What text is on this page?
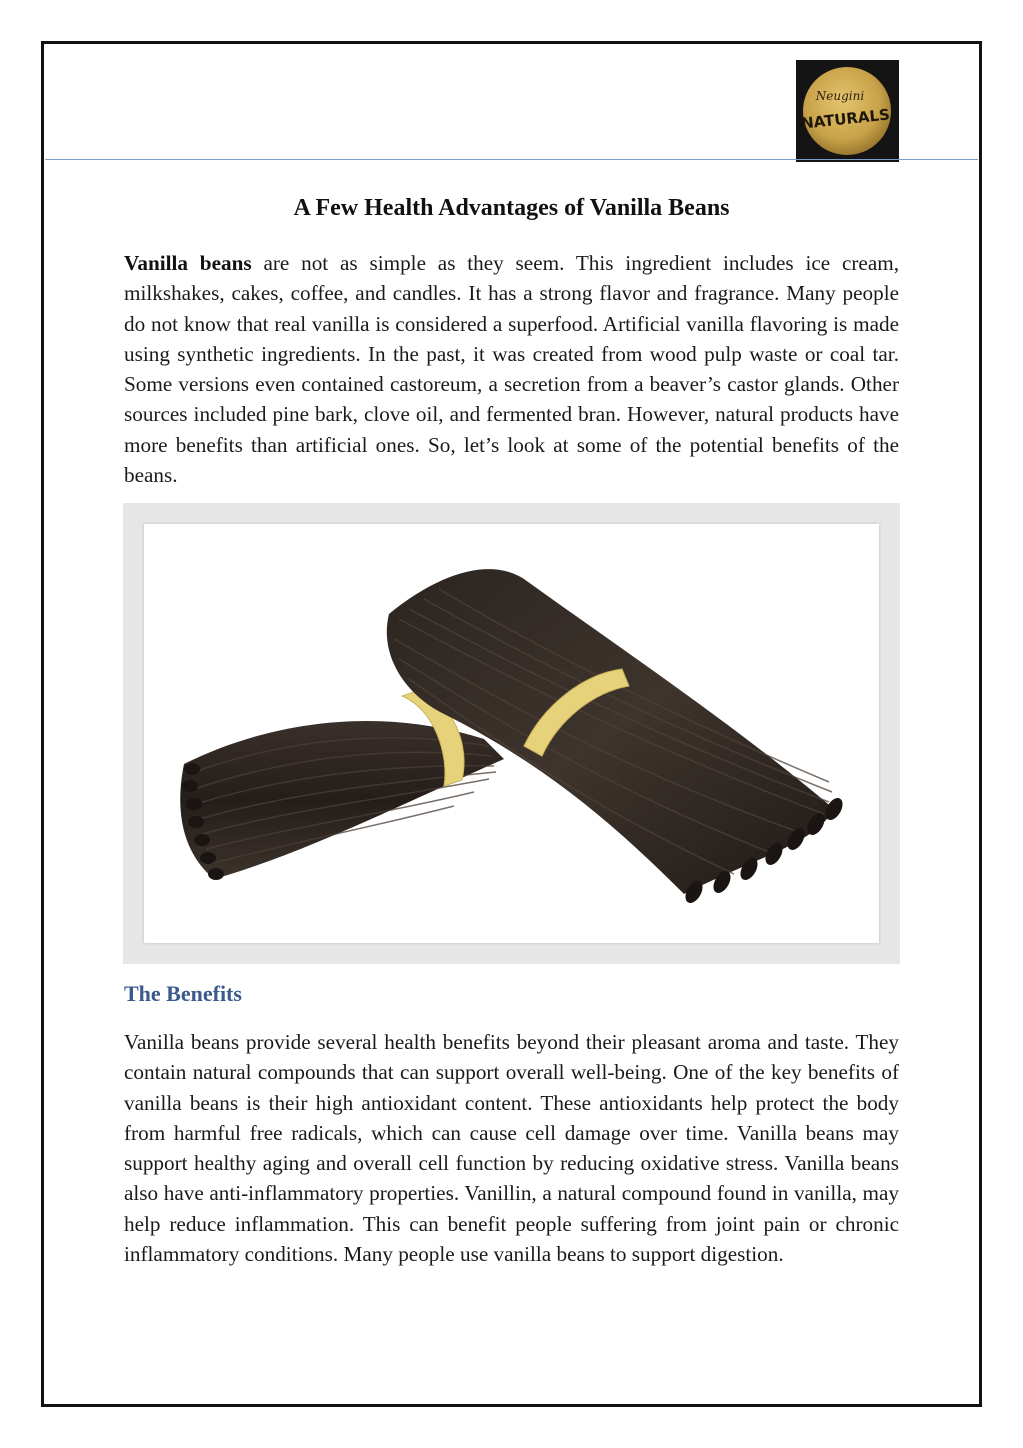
Neugini
NATURALS
A Few Health Advantages of Vanilla Beans

Vanilla beans are not as simple as they seem. This ingredient includes ice cream, milkshakes, cakes, coffee, and candles. It has a strong flavor and fragrance. Many people do not know that real vanilla is considered a superfood. Artificial vanilla flavoring is made using synthetic ingredients. In the past, it was created from wood pulp waste or coal tar. Some versions even contained castoreum, a secretion from a beaver’s castor glands. Other sources included pine bark, clove oil, and fermented bran. However, natural products have more benefits than artificial ones. So, let’s look at some of the potential benefits of the beans.

The Benefits

Vanilla beans provide several health benefits beyond their pleasant aroma and taste. They contain natural compounds that can support overall well-being. One of the key benefits of vanilla beans is their high antioxidant content. These antioxidants help protect the body from harmful free radicals, which can cause cell damage over time. Vanilla beans may support healthy aging and overall cell function by reducing oxidative stress. Vanilla beans also have anti-inflammatory properties. Vanillin, a natural compound found in vanilla, may help reduce inflammation. This can benefit people suffering from joint pain or chronic inflammatory conditions. Many people use vanilla beans to support digestion.
